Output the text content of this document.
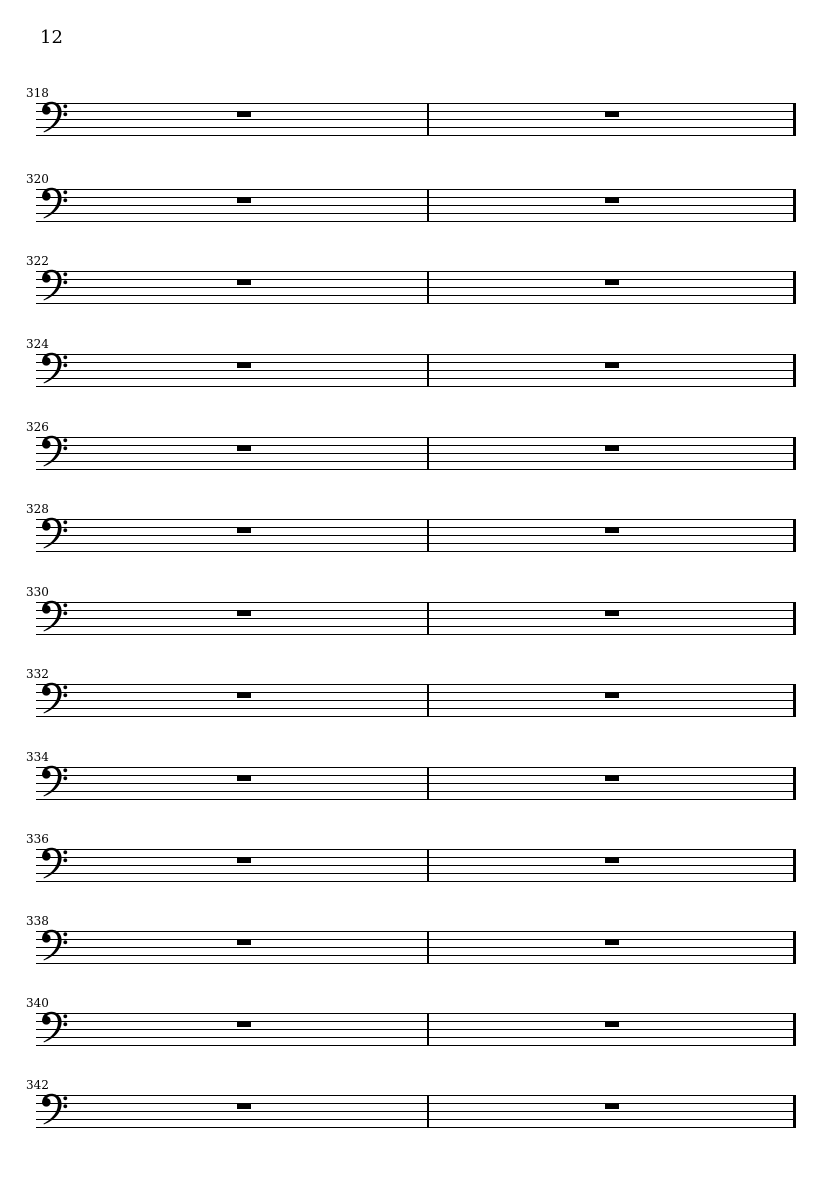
12
318
320
322
324
326
328
330
332
334
336
338
340
342
